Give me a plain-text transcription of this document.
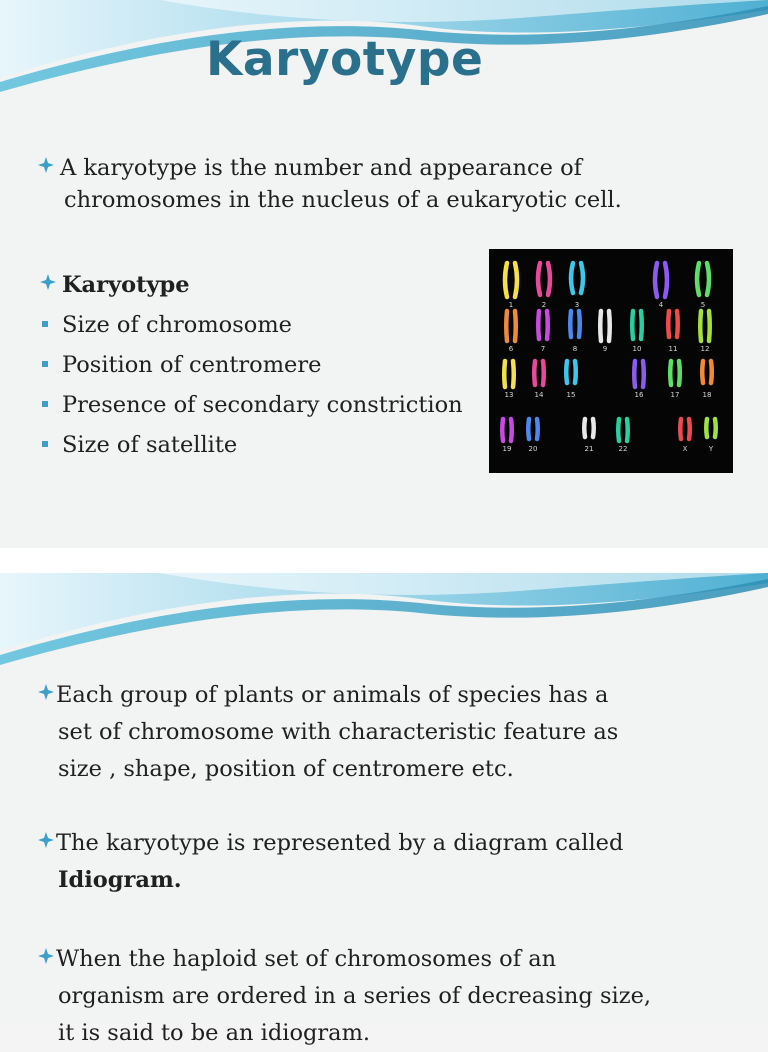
Karyotype

A karyotype is the number and appearance of
chromosomes in the nucleus of a eukaryotic cell.

Karyotype
Size of chromosome
Position of centromere
Presence of secondary constriction
Size of satellite
1	2	3	4	5
6	7	8	9	10	11	12
13	14	15	16	17	18
19 20	21	22	X	Y

Each group of plants or animals of species has a
set of chromosome with characteristic feature as
size , shape, position of centromere etc.

The karyotype is represented by a diagram called
Idiogram.

When the haploid set of chromosomes of an
organism are ordered in a series of decreasing size,
it is said to be an idiogram.
